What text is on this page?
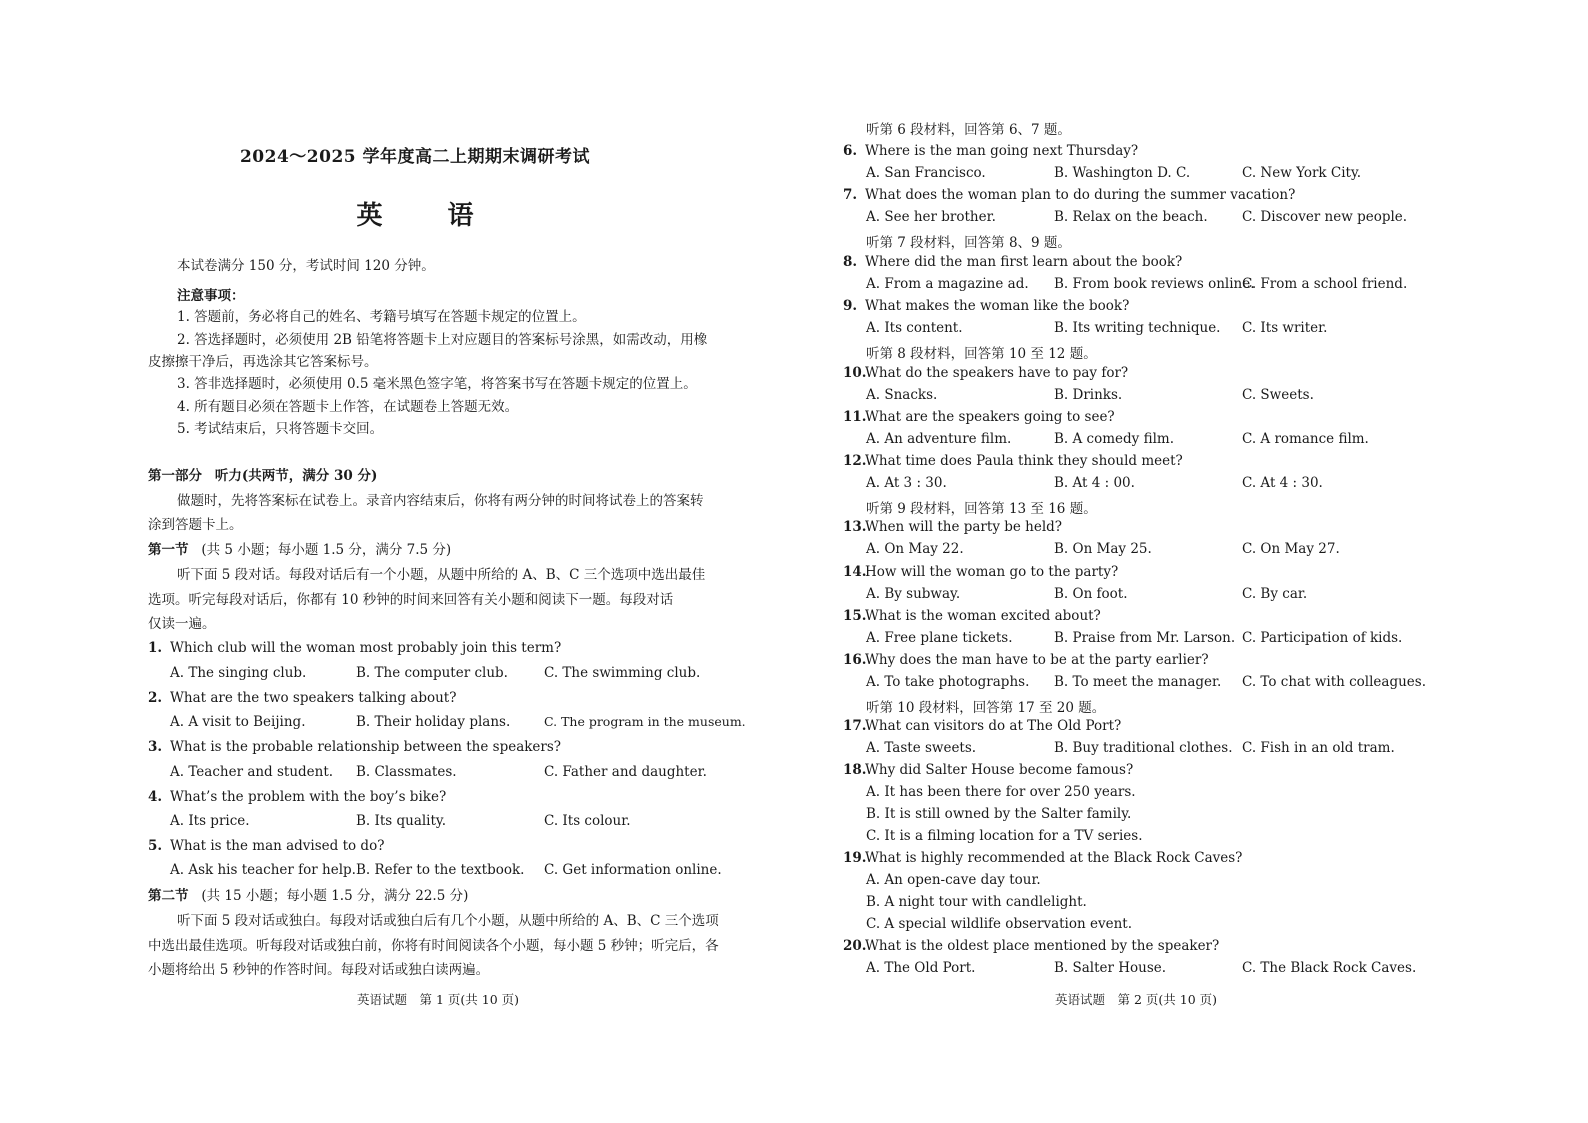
2024～2025 学年度高二上期期末调研考试
英 语
本试卷满分 150 分，考试时间 120 分钟。
注意事项：
1. 答题前，务必将自己的姓名、考籍号填写在答题卡规定的位置上。
2. 答选择题时，必须使用 2B 铅笔将答题卡上对应题目的答案标号涂黑，如需改动，用橡
皮擦擦干净后，再选涂其它答案标号。
3. 答非选择题时，必须使用 0.5 毫米黑色签字笔，将答案书写在答题卡规定的位置上。
4. 所有题目必须在答题卡上作答，在试题卷上答题无效。
5. 考试结束后，只将答题卡交回。
第一部分 听力(共两节，满分 30 分)
做题时，先将答案标在试卷上。录音内容结束后，你将有两分钟的时间将试卷上的答案转
涂到答题卡上。
第一节 (共 5 小题；每小题 1.5 分，满分 7.5 分)
听下面 5 段对话。每段对话后有一个小题，从题中所给的 A、B、C 三个选项中选出最佳
选项。听完每段对话后，你都有 10 秒钟的时间来回答有关小题和阅读下一题。每段对话
仅读一遍。
1. Which club will the woman most probably join this term?
A. The singing club.	B. The computer club.	C. The swimming club.
2. What are the two speakers talking about?
A. A visit to Beijing.	B. Their holiday plans.	C. The program in the museum.
3. What is the probable relationship between the speakers?
A. Teacher and student. B. Classmates.	C. Father and daughter.
4. What’s the problem with the boy’s bike?
A. Its price.	B. Its quality.	C. Its colour.
5. What is the man advised to do?
A. Ask his teacher for help. B. Refer to the textbook. C. Get information online.
第二节 (共 15 小题；每小题 1.5 分，满分 22.5 分)
听下面 5 段对话或独白。每段对话或独白后有几个小题，从题中所给的 A、B、C 三个选项
中选出最佳选项。听每段对话或独白前，你将有时间阅读各个小题，每小题 5 秒钟；听完后，各
小题将给出 5 秒钟的作答时间。每段对话或独白读两遍。
英语试题　第 1 页(共 10 页)
听第 6 段材料，回答第 6、7 题。
6. Where is the man going next Thursday?
A. San Francisco.	B. Washington D. C.	C. New York City.
7. What does the woman plan to do during the summer vacation?
A. See her brother.	B. Relax on the beach.	C. Discover new people.
听第 7 段材料，回答第 8、9 题。
8. Where did the man first learn about the book?
A. From a magazine ad. B. From book reviews online.
C. From a school friend.
9. What makes the woman like the book?
A. Its content.	B. Its writing technique. C. Its writer.
听第 8 段材料，回答第 10 至 12 题。
10.What do the speakers have to pay for?
A. Snacks.	B. Drinks.	C. Sweets.
11.What are the speakers going to see?
A. An adventure film.	B. A comedy film.	C. A romance film.
12.What time does Paula think they should meet?
A. At 3 : 30.	B. At 4 : 00.	C. At 4 : 30.
听第 9 段材料，回答第 13 至 16 题。
13.When will the party be held?
A. On May 22.	B. On May 25.	C. On May 27.
14.How will the woman go to the party?
A. By subway.	B. On foot.	C. By car.
15.What is the woman excited about?
A. Free plane tickets.	B. Praise from Mr. Larson. C. Participation of kids.
16.Why does the man have to be at the party earlier?
A. To take photographs. B. To meet the manager. C. To chat with colleagues.
听第 10 段材料，回答第 17 至 20 题。
17.What can visitors do at The Old Port?
A. Taste sweets.	B. Buy traditional clothes. C. Fish in an old tram.
18.Why did Salter House become famous?
A. It has been there for over 250 years.
B. It is still owned by the Salter family.
C. It is a filming location for a TV series.
19.What is highly recommended at the Black Rock Caves?
A. An open-cave day tour.
B. A night tour with candlelight.
C. A special wildlife observation event.
20.What is the oldest place mentioned by the speaker?
A. The Old Port.	B. Salter House.	C. The Black Rock Caves.
英语试题　第 2 页(共 10 页)
